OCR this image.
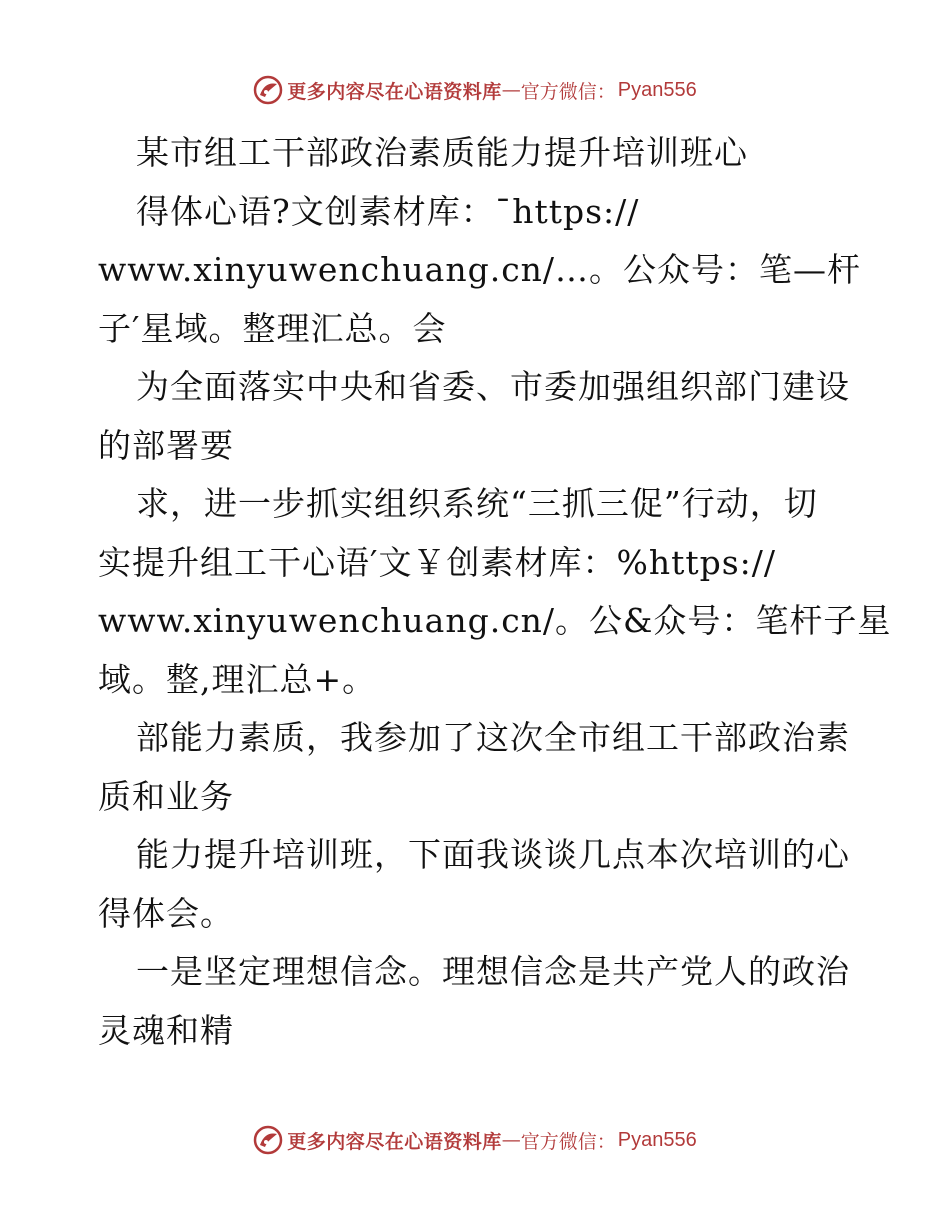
更多内容尽在心语资料库 — 官方微信： Pyan556
某市组工干部政治素质能力提升培训班心
得体心语?文创素材库：¯https://
www.xinyuwenchuang.cn/…。公众号：笔—杆
子′星域。整理汇总。会
为全面落实中央和省委、市委加强组织部门建设
的部署要
求，进一步抓实组织系统“三抓三促”行动，切
实提升组工干心语′文￥创素材库：%https://
www.xinyuwenchuang.cn/。公&众号：笔杆子星
域。整,理汇总+。
部能力素质，我参加了这次全市组工干部政治素
质和业务
能力提升培训班，下面我谈谈几点本次培训的心
得体会。
一是坚定理想信念。理想信念是共产党人的政治
灵魂和精
更多内容尽在心语资料库 — 官方微信： Pyan556
